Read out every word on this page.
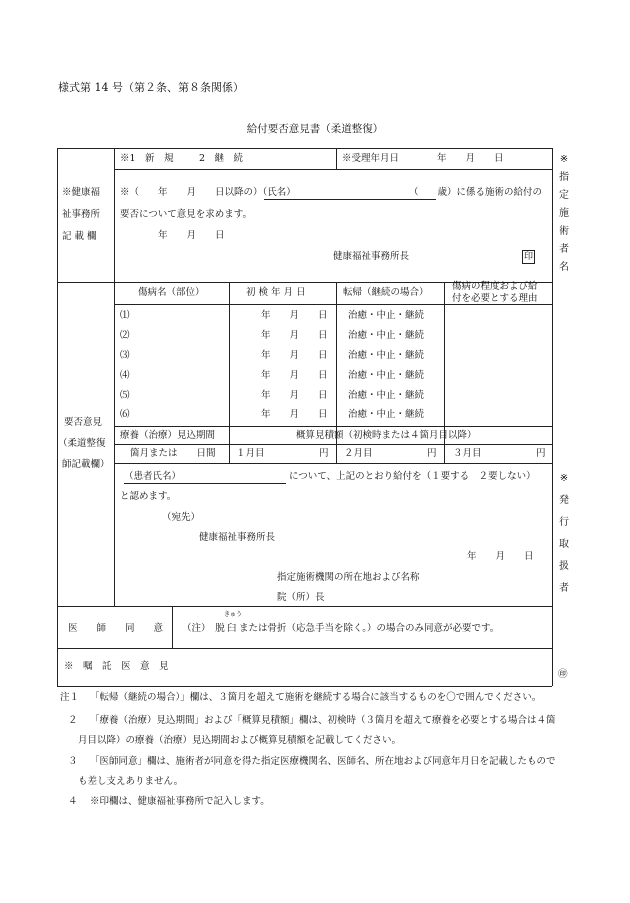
様式第 14 号（第２条、第８条関係）
給付要否意見書（柔道整復）
※健康福
祉事務所
記 載 欄
※1　新　規	2　継　続	※受理年月日　　　　年　　月　　日
※（　　年　　月　　日以降の）（氏名）	（　　歳）に係る施術の給付の
要否について意見を求めます。
年　　月　　日
健康福祉事務所長	印
要否意見
（柔道整復
師記載欄）
傷病名（部位）	初 検 年 月 日	転帰（継続の場合）
傷病の程度および給
付を必要とする理由
⑴	年　　月　　日 治癒・中止・継続
⑵	年　　月　　日 治癒・中止・継続
⑶	年　　月　　日 治癒・中止・継続
⑷	年　　月　　日 治癒・中止・継続
⑸	年　　月　　日 治癒・中止・継続
⑹	年　　月　　日 治癒・中止・継続
療養（治療）見込期間	概算見積額（初検時または４箇月目以降）
箇月または　　日間 １月目	円 ２月目	円 ３月目	円
（患者氏名）	について、上記のとおり給付を（１要する　２要しない）
と認めます。
（宛先）
健康福祉事務所長
年　　月　　日
指定施術機関の所在地および名称
院（所）長
医　　師　　同　　意 （注）　脱
きゅう
臼 または骨折（応急手当を除く。）の場合のみ同意が必要です。
※　嘱　託　医　意　見
※
指
定
施
術
者
名
※
発
行
取
扱
者
㊞
注１ 「転帰（継続の場合）」欄は、３箇月を超えて施術を継続する場合に該当するものを〇で囲んでください。
２ 「療養（治療）見込期間」および「概算見積額」欄は、初検時（３箇月を超えて療養を必要とする場合は４箇
月目以降）の療養（治療）見込期間および概算見積額を記載してください。
３ 「医師同意」欄は、施術者が同意を得た指定医療機関名、医師名、所在地および同意年月日を記載したもので
も差し支えありません。
４ ※印欄は、健康福祉事務所で記入します。
